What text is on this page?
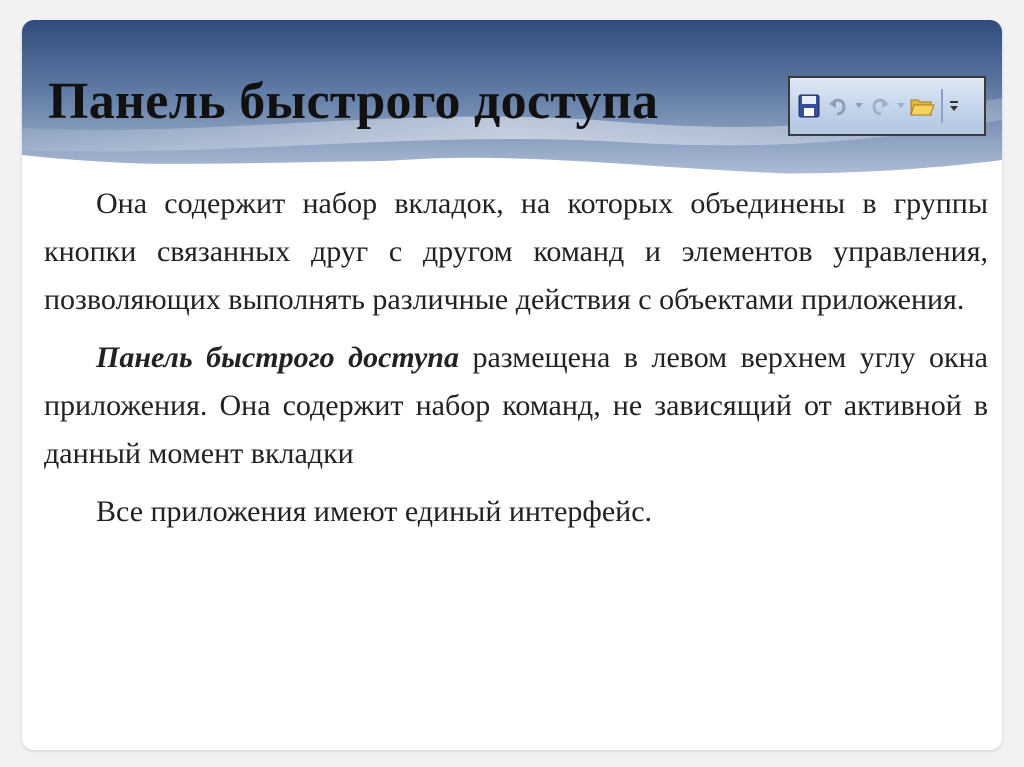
Панель быстрого доступа

Она содержит набор вкладок, на которых объединены в группы кнопки связанных друг с другом команд и элементов управления, позволяющих выполнять различные действия с объектами приложения.

Панель быстрого доступа размещена в левом верхнем углу окна приложения. Она содержит набор команд, не зависящий от активной в данный момент вкладки

Все приложения имеют единый интерфейс.
